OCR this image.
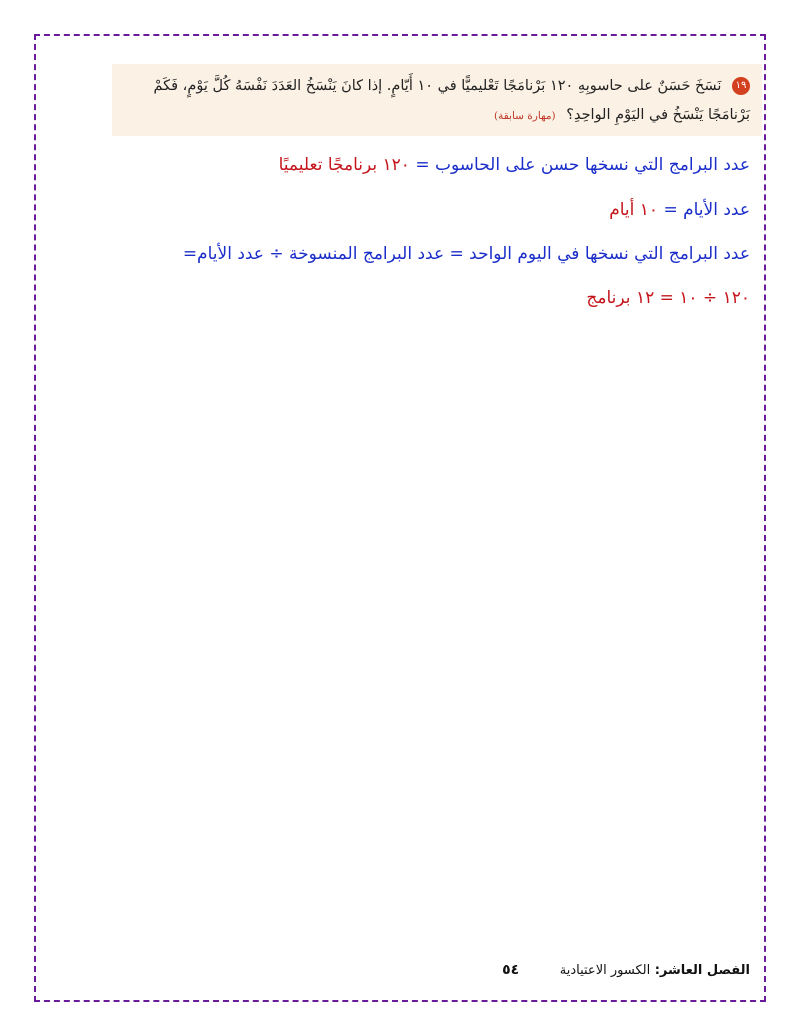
١٩ نَسَخَ حَسَنٌ على حاسوبِهِ ١٢٠ بَرْنامَجًا تَعْليميًّا في ١٠ أَيّامٍ. إذا كانَ يَنْسَخُ العَدَدَ نَفْسَهُ كُلَّ يَوْمٍ، فَكَمْ بَرْنامَجًا يَنْسَخُ في اليَوْمِ الواحِدِ؟ (مهارة سابقة)
عدد البرامج التي نسخها حسن على الحاسوب = ١٢٠ برنامجًا تعليميًا
عدد الأيام = ١٠ أيام
عدد البرامج التي نسخها في اليوم الواحد = عدد البرامج المنسوخة ÷ عدد الأيام=
١٢٠ ÷ ١٠ = ١٢ برنامج
الفصل العاشر: الكسور الاعتيادية ٥٤
